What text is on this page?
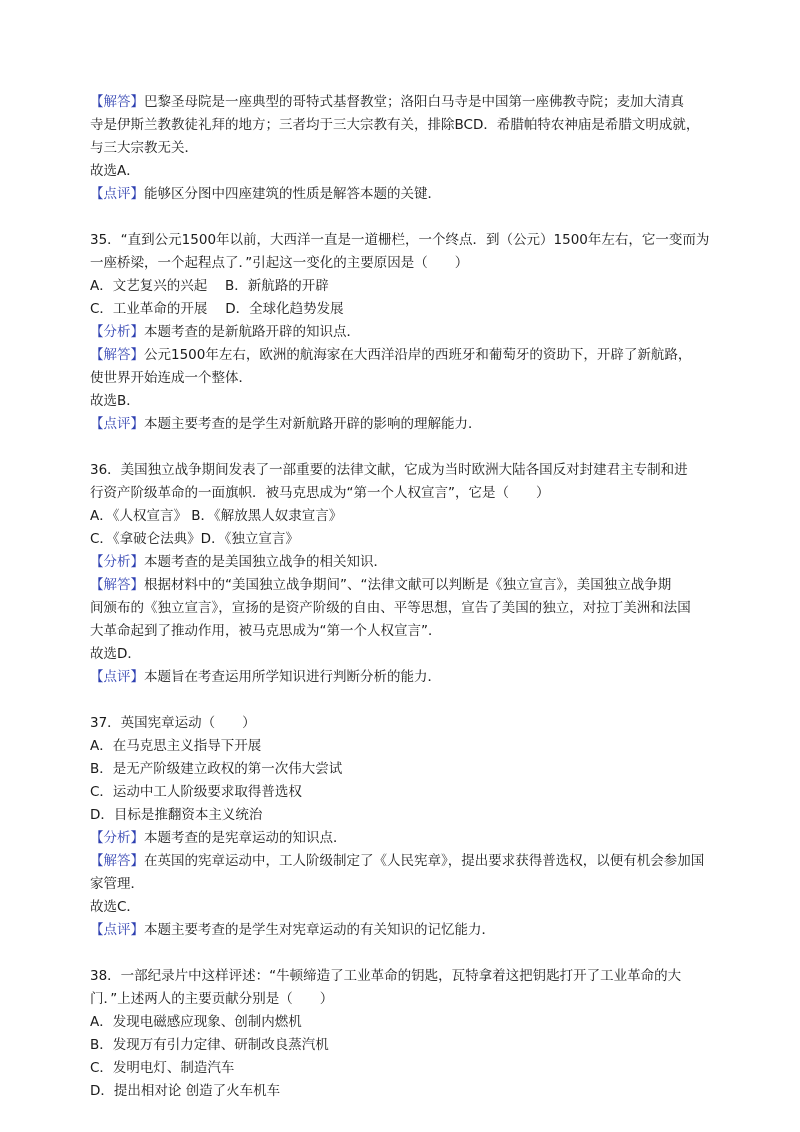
【解答】巴黎圣母院是一座典型的哥特式基督教堂；洛阳白马寺是中国第一座佛教寺院；麦加大清真
寺是伊斯兰教教徒礼拜的地方；三者均于三大宗教有关，排除BCD．希腊帕特农神庙是希腊文明成就，
与三大宗教无关．
故选A．
【点评】能够区分图中四座建筑的性质是解答本题的关键．
35．“直到公元1500年以前，大西洋一直是一道栅栏，一个终点．到（公元）1500年左右，它一变而为
一座桥梁，一个起程点了．”引起这一变化的主要原因是（　　）
A．文艺复兴的兴起　 B．新航路的开辟
C．工业革命的开展　 D．全球化趋势发展
【分析】本题考查的是新航路开辟的知识点．
【解答】公元1500年左右，欧洲的航海家在大西洋沿岸的西班牙和葡萄牙的资助下，开辟了新航路，
使世界开始连成一个整体．
故选B．
【点评】本题主要考查的是学生对新航路开辟的影响的理解能力．
36．美国独立战争期间发表了一部重要的法律文献，它成为当时欧洲大陆各国反对封建君主专制和进
行资产阶级革命的一面旗帜．被马克思成为“第一个人权宣言”，它是（　　）
A．《人权宣言》 B．《解放黑人奴隶宣言》
C．《拿破仑法典》D．《独立宣言》
【分析】本题考查的是美国独立战争的相关知识．
【解答】根据材料中的“美国独立战争期间”、“法律文献可以判断是《独立宣言》，美国独立战争期
间颁布的《独立宣言》，宣扬的是资产阶级的自由、平等思想，宣告了美国的独立，对拉丁美洲和法国
大革命起到了推动作用，被马克思成为“第一个人权宣言”．
故选D．
【点评】本题旨在考查运用所学知识进行判断分析的能力．
37．英国宪章运动（　　）
A．在马克思主义指导下开展
B．是无产阶级建立政权的第一次伟大尝试
C．运动中工人阶级要求取得普选权
D．目标是推翻资本主义统治
【分析】本题考查的是宪章运动的知识点．
【解答】在英国的宪章运动中，工人阶级制定了《人民宪章》，提出要求获得普选权，以便有机会参加国
家管理．
故选C．
【点评】本题主要考查的是学生对宪章运动的有关知识的记忆能力．
38．一部纪录片中这样评述：“牛顿缔造了工业革命的钥匙，瓦特拿着这把钥匙打开了工业革命的大
门．”上述两人的主要贡献分别是（　　）
A．发现电磁感应现象、创制内燃机
B．发现万有引力定律、研制改良蒸汽机
C．发明电灯、制造汽车
D．提出相对论 创造了火车机车
